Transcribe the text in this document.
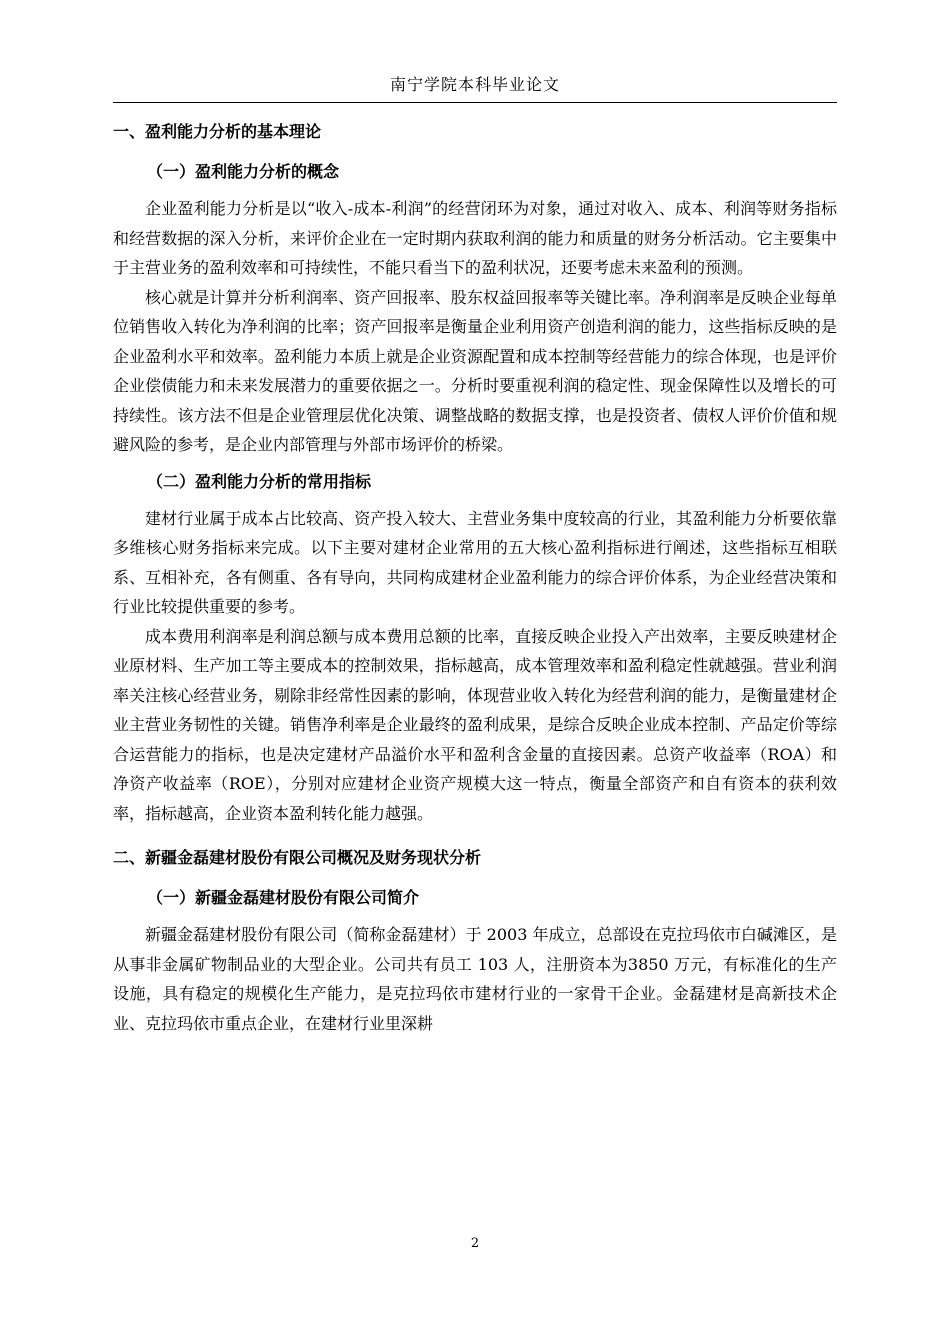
南宁学院本科毕业论文
一、盈利能力分析的基本理论
（一）盈利能力分析的概念

企业盈利能力分析是以“收入-成本-利润”的经营闭环为对象，通过对收入、成本、利润等财务指标和经营数据的深入分析，来评价企业在一定时期内获取利润的能力和质量的财务分析活动。它主要集中于主营业务的盈利效率和可持续性，不能只看当下的盈利状况，还要考虑未来盈利的预测。

核心就是计算并分析利润率、资产回报率、股东权益回报率等关键比率。净利润率是反映企业每单位销售收入转化为净利润的比率；资产回报率是衡量企业利用资产创造利润的能力，这些指标反映的是企业盈利水平和效率。盈利能力本质上就是企业资源配置和成本控制等经营能力的综合体现，也是评价企业偿债能力和未来发展潜力的重要依据之一。分析时要重视利润的稳定性、现金保障性以及增长的可持续性。该方法不但是企业管理层优化决策、调整战略的数据支撑，也是投资者、债权人评价价值和规避风险的参考，是企业内部管理与外部市场评价的桥梁。

（二）盈利能力分析的常用指标

建材行业属于成本占比较高、资产投入较大、主营业务集中度较高的行业，其盈利能力分析要依靠多维核心财务指标来完成。以下主要对建材企业常用的五大核心盈利指标进行阐述，这些指标互相联系、互相补充，各有侧重、各有导向，共同构成建材企业盈利能力的综合评价体系，为企业经营决策和行业比较提供重要的参考。

成本费用利润率是利润总额与成本费用总额的比率，直接反映企业投入产出效率，主要反映建材企业原材料、生产加工等主要成本的控制效果，指标越高，成本管理效率和盈利稳定性就越强。营业利润率关注核心经营业务，剔除非经常性因素的影响，体现营业收入转化为经营利润的能力，是衡量建材企业主营业务韧性的关键。销售净利率是企业最终的盈利成果，是综合反映企业成本控制、产品定价等综合运营能力的指标，也是决定建材产品溢价水平和盈利含金量的直接因素。总资产收益率（ROA）和净资产收益率（ROE），分别对应建材企业资产规模大这一特点，衡量全部资产和自有资本的获利效率，指标越高，企业资本盈利转化能力越强。

二、新疆金磊建材股份有限公司概况及财务现状分析
（一）新疆金磊建材股份有限公司简介

新疆金磊建材股份有限公司（简称金磊建材）于 2003 年成立，总部设在克拉玛依市白碱滩区，是从事非金属矿物制品业的大型企业。公司共有员工 103 人，注册资本为3850 万元，有标准化的生产设施，具有稳定的规模化生产能力，是克拉玛依市建材行业的一家骨干企业。金磊建材是高新技术企业、克拉玛依市重点企业，在建材行业里深耕

2
